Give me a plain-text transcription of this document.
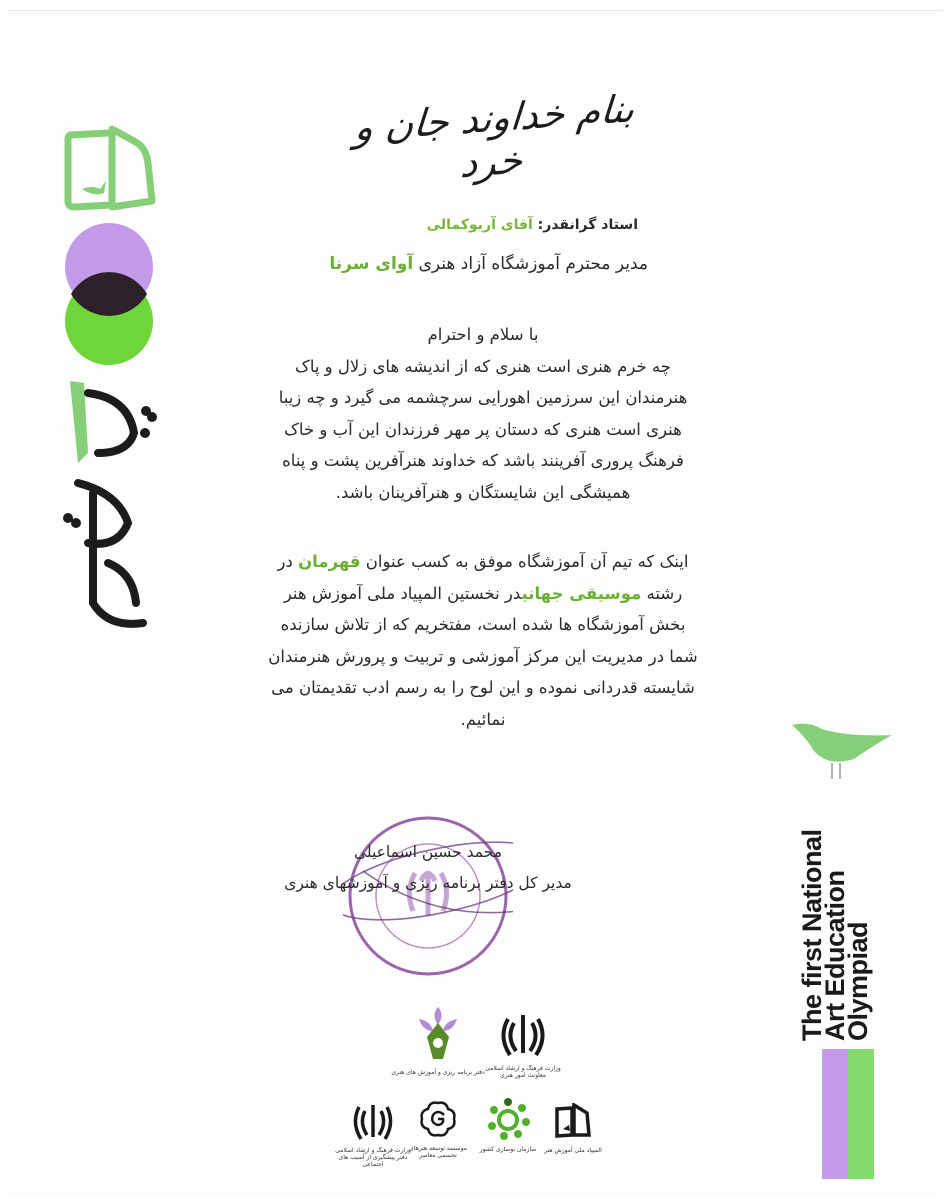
بنام خداوند جان و خرد
استاد گرانقدر: آقای آریوکمالی
مدیر محترم آموزشگاه آزاد هنری آوای سرنا
با سلام و احترام
چه خرم هنری است هنری که از اندیشه های زلال و پاک
هنرمندان این سرزمین اهورایی سرچشمه می گیرد و چه زیبا
هنری است هنری که دستان پر مهر فرزندان این آب و خاک
فرهنگ پروری آفرینند باشد که خداوند هنرآفرین پشت و پناه
همیشگی این شایستگان و هنرآفرینان باشد.
اینک که تیم آن آموزشگاه موفق به کسب عنوان قهرمان در
رشته موسیقی جهانیدر نخستین المپیاد ملی آموزش هنر
بخش آموزشگاه ها شده است، مفتخریم که از تلاش سازنده
شما در مدیریت این مرکز آموزشی و تربیت و پرورش هنرمندان
شایسته قدردانی نموده و این لوح را به رسم ادب تقدیمتان می
نمائیم.
محمد حسین اسماعیلی
مدیر کل دفتر برنامه ریزی و آموزشهای هنری	The first National
Art Education
Olympiad
وزارت فرهنگ و ارشاد اسلامی معاونت امور هنری
دفتر برنامه ریزی و آموزش های هنری
المپیاد ملی آموزش هنر
سازمان نوسازی کشور
موسسه توسعه هنرهای تجسمی معاصر
وزارت فرهنگ و ارشاد اسلامی دفتر پیشگیری از آسیب های اجتماعی
